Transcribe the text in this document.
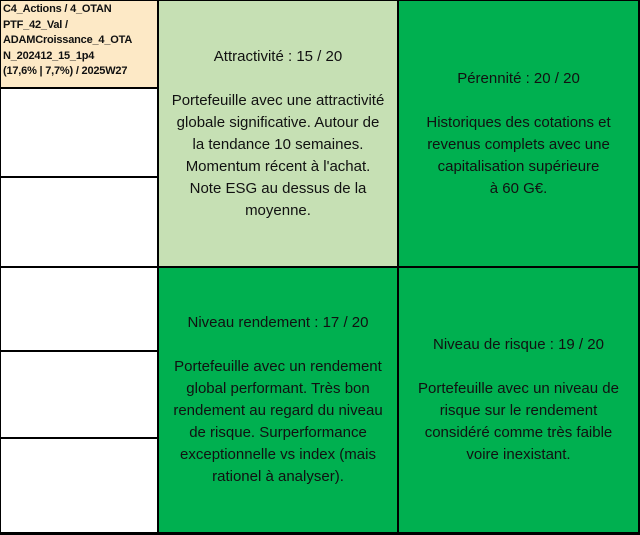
C4_Actions / 4_OTAN
PTF_42_Val /
ADAMCroissance_4_OTA
N_202412_15_1p4
(17,6% | 7,7%) / 2025W27
Attractivité : 15 / 20
Portefeuille avec une attractivité
globale significative. Autour de
la tendance 10 semaines.
Momentum récent à l'achat.
Note ESG au dessus de la
moyenne.
Pérennité : 20 / 20
Historiques des cotations et
revenus complets avec une
capitalisation supérieure
à 60 G€.
Niveau rendement : 17 / 20
Portefeuille avec un rendement
global performant. Très bon
rendement au regard du niveau
de risque. Surperformance
exceptionnelle vs index (mais
rationel à analyser).
Niveau de risque : 19 / 20
Portefeuille avec un niveau de
risque sur le rendement
considéré comme très faible
voire inexistant.
